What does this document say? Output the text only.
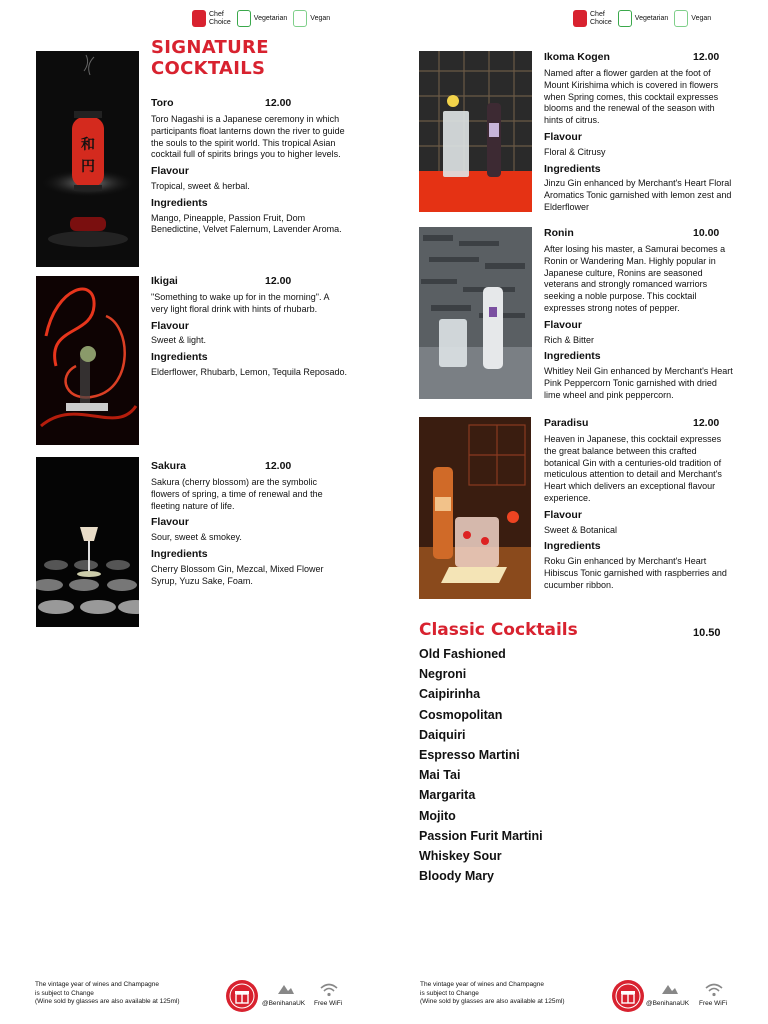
Chef
Choice
Vegetarian	Vegan
Chef
Choice
Vegetarian	Vegan
SIGNATURE
COCKTAILS
和
円
Toro	12.00

Toro Nagashi is a Japanese ceremony in which participants float lanterns down the river to guide the souls to the spirit world. This tropical Asian cocktail full of spirits brings you to higher levels.

Flavour

Tropical, sweet & herbal.

Ingredients

Mango, Pineapple, Passion Fruit, Dom Benedictine, Velvet Falernum, Lavender Aroma.

Ikigai	12.00

"Something to wake up for in the morning". A very light floral drink with hints of rhubarb.

Flavour

Sweet & light.

Ingredients

Elderflower, Rhubarb, Lemon, Tequila Reposado.

Sakura	12.00

Sakura (cherry blossom) are the symbolic flowers of spring, a time of renewal and the fleeting nature of life.

Flavour

Sour, sweet & smokey.

Ingredients

Cherry Blossom Gin, Mezcal, Mixed Flower Syrup, Yuzu Sake, Foam.

Ikoma Kogen	12.00

Named after a flower garden at the foot of Mount Kirishima which is covered in flowers when Spring comes, this cocktail expresses blooms and the renewal of the season with hints of citrus.

Flavour

Floral & Citrusy

Ingredients

Jinzu Gin enhanced by Merchant's Heart Floral Aromatics Tonic garnished with lemon zest and Elderflower

Ronin	10.00

After losing his master, a Samurai becomes a Ronin or Wandering Man. Highly popular in Japanese culture, Ronins are seasoned veterans and strongly romanced warriors seeking a noble purpose. This cocktail expresses strong notes of pepper.

Flavour

Rich & Bitter

Ingredients

Whitley Neil Gin enhanced by Merchant's Heart Pink Peppercorn Tonic garnished with dried lime wheel and pink peppercorn.

Paradisu	12.00

Heaven in Japanese, this cocktail expresses the great balance between this crafted botanical Gin with a centuries-old tradition of meticulous attention to detail and Merchant's Heart which delivers an exceptional flavour experience.

Flavour

Sweet & Botanical

Ingredients

Roku Gin enhanced by Merchant's Heart Hibiscus Tonic garnished with raspberries and cucumber ribbon.

Classic Cocktails	10.50
Old Fashioned
Negroni
Caipirinha
Cosmopolitan
Daiquiri
Espresso Martini
Mai Tai
Margarita
Mojito
Passion Furit Martini
Whiskey Sour
Bloody Mary
The vintage year of wines and Champagne
is subject to Change
(Wine sold by glasses are also available at 125ml)	@BenihanaUK Free WiFi
The vintage year of wines and Champagne
is subject to Change
(Wine sold by glasses are also available at 125ml)	@BenihanaUK Free WiFi
